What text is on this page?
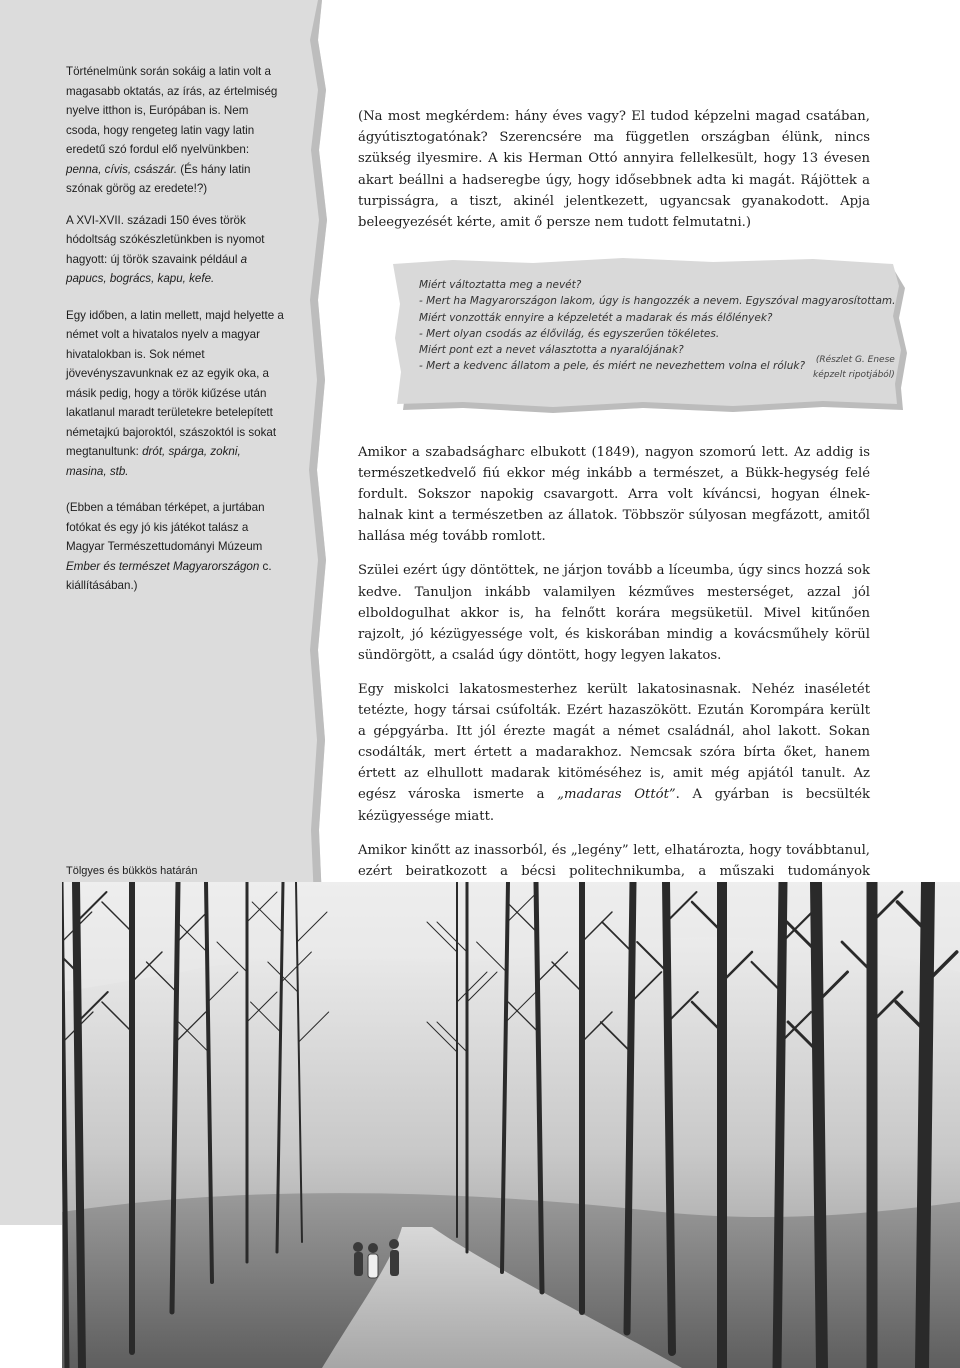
Történelmünk során sokáig a latin volt a magasabb oktatás, az írás, az értelmiség nyelve itthon is, Európában is. Nem csoda, hogy rengeteg latin vagy latin eredetű szó fordul elő nyelvünkben: penna, cívis, császár. (És hány latin szónak görög az eredete!?)

A XVI-XVII. századi 150 éves török hódoltság szókészletünkben is nyomot hagyott: új török szavaink például a papucs, bogrács, kapu, kefe.

Egy időben, a latin mellett, majd helyette a német volt a hivatalos nyelv a magyar hivatalokban is. Sok német jövevényszavunknak ez az egyik oka, a másik pedig, hogy a török kiűzése után lakatlanul maradt területekre betelepített németajkú bajoroktól, szászoktól is sokat megtanultunk: drót, spárga, zokni, masina, stb.

(Ebben a témában térképet, a jurtában fotókat és egy jó kis játékot talász a Magyar Természettudományi Múzeum Ember és természet Magyarországon c. kiállításában.)

Tölgyes és bükkös határán

(Na most megkérdem: hány éves vagy? El tudod képzelni magad csatában, ágyútisztogatónak? Szerencsére ma független országban élünk, nincs szükség ilyesmire. A kis Herman Ottó annyira fellelkesült, hogy 13 évesen akart beállni a hadseregbe úgy, hogy idősebbnek adta ki magát. Rájöttek a turpisságra, a tiszt, akinél jelentkezett, ugyancsak gyanakodott. Apja beleegyezését kérte, amit ő persze nem tudott felmutatni.)

Miért változtatta meg a nevét?
- Mert ha Magyarországon lakom, úgy is hangozzék a nevem. Egyszóval magyarosítottam.
Miért vonzották ennyire a képzeletét a madarak és más élőlények?
- Mert olyan csodás az élővilág, és egyszerűen tökéletes.
Miért pont ezt a nevet választotta a nyaralójának?
- Mert a kedvenc állatom a pele, és miért ne nevezhettem volna el róluk?
(Részlet G. Enese
képzelt ripotjából)

Amikor a szabadságharc elbukott (1849), nagyon szomorú lett. Az addig is természetkedvelő fiú ekkor még inkább a természet, a Bükk-hegység felé fordult. Sokszor napokig csavargott. Arra volt kíváncsi, hogyan élnek-halnak kint a természetben az állatok. Többször súlyosan megfázott, amitől hallása még tovább romlott.

Szülei ezért úgy döntöttek, ne járjon tovább a líceumba, úgy sincs hozzá sok kedve. Tanuljon inkább valamilyen kézműves mesterséget, azzal jól elboldogulhat akkor is, ha felnőtt korára megsüketül. Mivel kitűnően rajzolt, jó kézügyessége volt, és kiskorában mindig a kovácsműhely körül sündörgött, a család úgy döntött, hogy legyen lakatos.

Egy miskolci lakatosmesterhez került lakatosinasnak. Nehéz inaséletét tetézte, hogy társai csúfolták. Ezért hazaszökött. Ezután Korompára került a gépgyárba. Itt jól érezte magát a német családnál, ahol lakott. Sokan csodálták, mert értett a madarakhoz. Nemcsak szóra bírta őket, hanem értett az elhullott madarak kitöméséhez is, amit még apjától tanult. Az egész városka ismerte a „madaras Ottót”. A gyárban is becsülték kézügyessége miatt.

Amikor kinőtt az inassorból, és „legény” lett, elhatározta, hogy továbbtanul, ezért beiratkozott a bécsi politechnikumba, a műszaki tudományok
